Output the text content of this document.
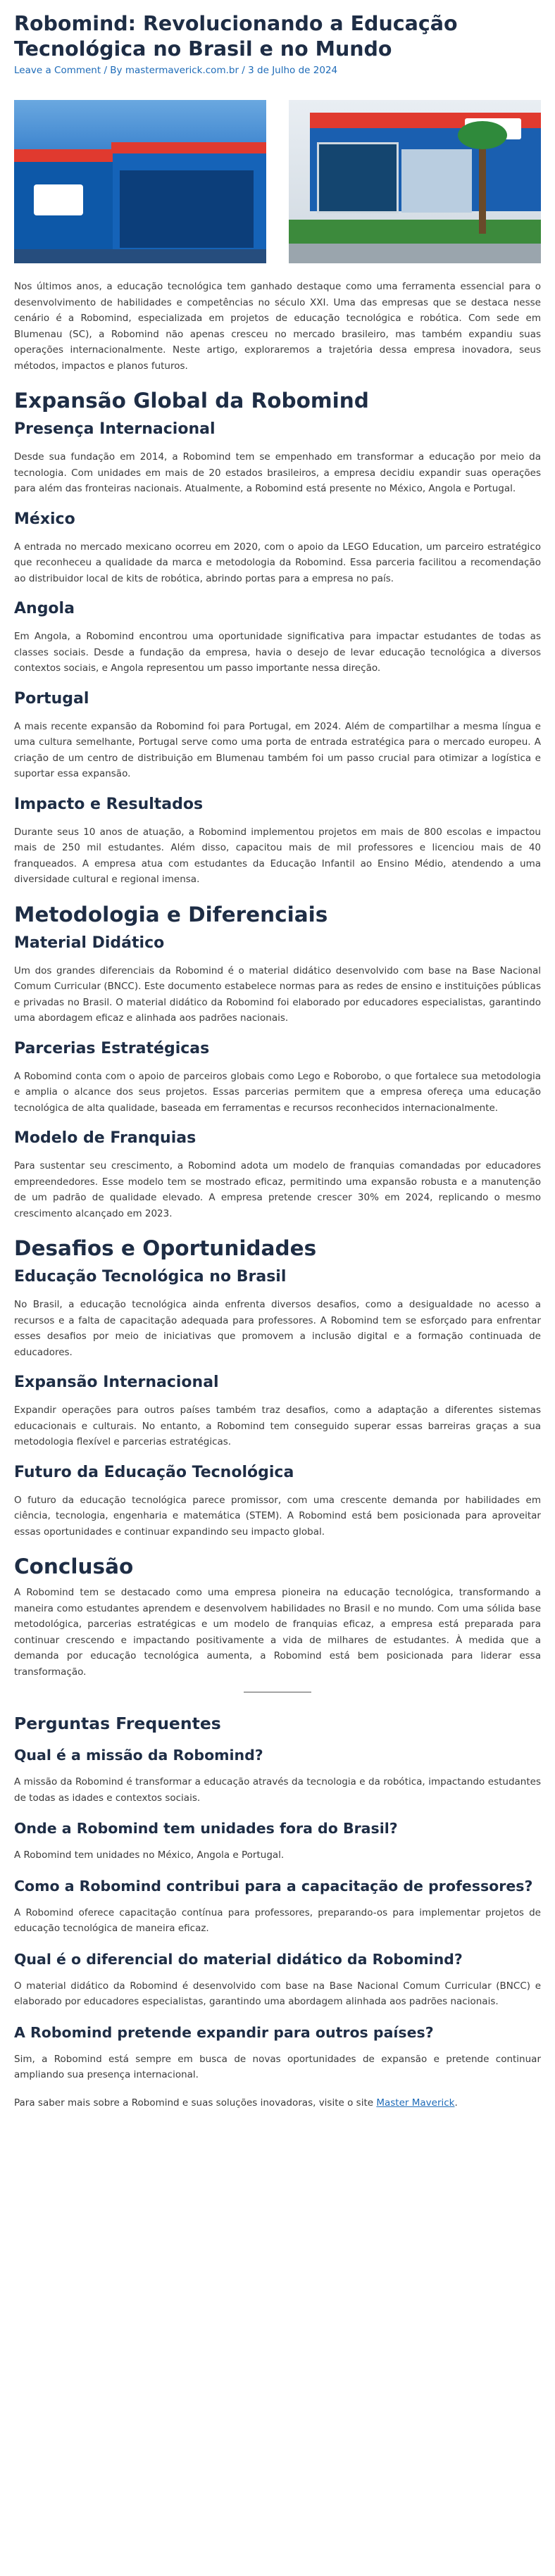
Robomind: Revolucionando a Educação Tecnológica no Brasil e no Mundo
Leave a Comment / By mastermaverick.com.br / 3 de Julho de 2024

Nos últimos anos, a educação tecnológica tem ganhado destaque como uma ferramenta essencial para o desenvolvimento de habilidades e competências no século XXI. Uma das empresas que se destaca nesse cenário é a Robomind, especializada em projetos de educação tecnológica e robótica. Com sede em Blumenau (SC), a Robomind não apenas cresceu no mercado brasileiro, mas também expandiu suas operações internacionalmente. Neste artigo, exploraremos a trajetória dessa empresa inovadora, seus métodos, impactos e planos futuros.

Expansão Global da Robomind
Presença Internacional

Desde sua fundação em 2014, a Robomind tem se empenhado em transformar a educação por meio da tecnologia. Com unidades em mais de 20 estados brasileiros, a empresa decidiu expandir suas operações para além das fronteiras nacionais. Atualmente, a Robomind está presente no México, Angola e Portugal.

México

A entrada no mercado mexicano ocorreu em 2020, com o apoio da LEGO Education, um parceiro estratégico que reconheceu a qualidade da marca e metodologia da Robomind. Essa parceria facilitou a recomendação ao distribuidor local de kits de robótica, abrindo portas para a empresa no país.

Angola

Em Angola, a Robomind encontrou uma oportunidade significativa para impactar estudantes de todas as classes sociais. Desde a fundação da empresa, havia o desejo de levar educação tecnológica a diversos contextos sociais, e Angola representou um passo importante nessa direção.

Portugal

A mais recente expansão da Robomind foi para Portugal, em 2024. Além de compartilhar a mesma língua e uma cultura semelhante, Portugal serve como uma porta de entrada estratégica para o mercado europeu. A criação de um centro de distribuição em Blumenau também foi um passo crucial para otimizar a logística e suportar essa expansão.

Impacto e Resultados

Durante seus 10 anos de atuação, a Robomind implementou projetos em mais de 800 escolas e impactou mais de 250 mil estudantes. Além disso, capacitou mais de mil professores e licenciou mais de 40 franqueados. A empresa atua com estudantes da Educação Infantil ao Ensino Médio, atendendo a uma diversidade cultural e regional imensa.

Metodologia e Diferenciais
Material Didático

Um dos grandes diferenciais da Robomind é o material didático desenvolvido com base na Base Nacional Comum Curricular (BNCC). Este documento estabelece normas para as redes de ensino e instituições públicas e privadas no Brasil. O material didático da Robomind foi elaborado por educadores especialistas, garantindo uma abordagem eficaz e alinhada aos padrões nacionais.

Parcerias Estratégicas

A Robomind conta com o apoio de parceiros globais como Lego e Roborobo, o que fortalece sua metodologia e amplia o alcance dos seus projetos. Essas parcerias permitem que a empresa ofereça uma educação tecnológica de alta qualidade, baseada em ferramentas e recursos reconhecidos internacionalmente.

Modelo de Franquias

Para sustentar seu crescimento, a Robomind adota um modelo de franquias comandadas por educadores empreendedores. Esse modelo tem se mostrado eficaz, permitindo uma expansão robusta e a manutenção de um padrão de qualidade elevado. A empresa pretende crescer 30% em 2024, replicando o mesmo crescimento alcançado em 2023.

Desafios e Oportunidades
Educação Tecnológica no Brasil

No Brasil, a educação tecnológica ainda enfrenta diversos desafios, como a desigualdade no acesso a recursos e a falta de capacitação adequada para professores. A Robomind tem se esforçado para enfrentar esses desafios por meio de iniciativas que promovem a inclusão digital e a formação continuada de educadores.

Expansão Internacional

Expandir operações para outros países também traz desafios, como a adaptação a diferentes sistemas educacionais e culturais. No entanto, a Robomind tem conseguido superar essas barreiras graças a sua metodologia flexível e parcerias estratégicas.

Futuro da Educação Tecnológica

O futuro da educação tecnológica parece promissor, com uma crescente demanda por habilidades em ciência, tecnologia, engenharia e matemática (STEM). A Robomind está bem posicionada para aproveitar essas oportunidades e continuar expandindo seu impacto global.

Conclusão

A Robomind tem se destacado como uma empresa pioneira na educação tecnológica, transformando a maneira como estudantes aprendem e desenvolvem habilidades no Brasil e no mundo. Com uma sólida base metodológica, parcerias estratégicas e um modelo de franquias eficaz, a empresa está preparada para continuar crescendo e impactando positivamente a vida de milhares de estudantes. À medida que a demanda por educação tecnológica aumenta, a Robomind está bem posicionada para liderar essa transformação.

Perguntas Frequentes
Qual é a missão da Robomind?

A missão da Robomind é transformar a educação através da tecnologia e da robótica, impactando estudantes de todas as idades e contextos sociais.

Onde a Robomind tem unidades fora do Brasil?

A Robomind tem unidades no México, Angola e Portugal.

Como a Robomind contribui para a capacitação de professores?

A Robomind oferece capacitação contínua para professores, preparando-os para implementar projetos de educação tecnológica de maneira eficaz.

Qual é o diferencial do material didático da Robomind?

O material didático da Robomind é desenvolvido com base na Base Nacional Comum Curricular (BNCC) e elaborado por educadores especialistas, garantindo uma abordagem alinhada aos padrões nacionais.

A Robomind pretende expandir para outros países?

Sim, a Robomind está sempre em busca de novas oportunidades de expansão e pretende continuar ampliando sua presença internacional.

Para saber mais sobre a Robomind e suas soluções inovadoras, visite o site Master Maverick.
